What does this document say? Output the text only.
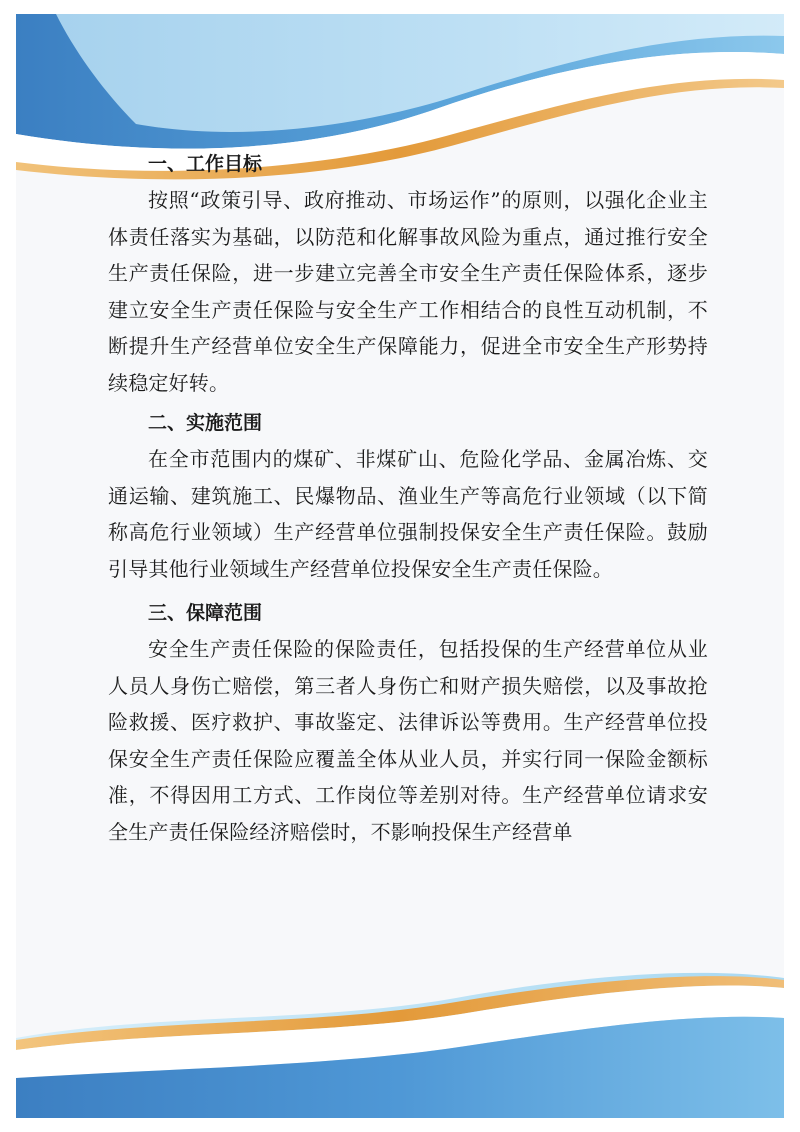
一、工作目标
按照“政策引导、政府推动、市场运作”的原则，以强化企业主体责任落实为基础，以防范和化解事故风险为重点，通过推行安全生产责任保险，进一步建立完善全市安全生产责任保险体系，逐步建立安全生产责任保险与安全生产工作相结合的良性互动机制，不断提升生产经营单位安全生产保障能力，促进全市安全生产形势持续稳定好转。
二、实施范围
在全市范围内的煤矿、非煤矿山、危险化学品、金属冶炼、交通运输、建筑施工、民爆物品、渔业生产等高危行业领域（以下简称高危行业领域）生产经营单位强制投保安全生产责任保险。鼓励引导其他行业领域生产经营单位投保安全生产责任保险。
三、保障范围
安全生产责任保险的保险责任，包括投保的生产经营单位从业人员人身伤亡赔偿，第三者人身伤亡和财产损失赔偿，以及事故抢险救援、医疗救护、事故鉴定、法律诉讼等费用。生产经营单位投保安全生产责任保险应覆盖全体从业人员，并实行同一保险金额标准，不得因用工方式、工作岗位等差别对待。生产经营单位请求安全生产责任保险经济赔偿时，不影响投保生产经营单
